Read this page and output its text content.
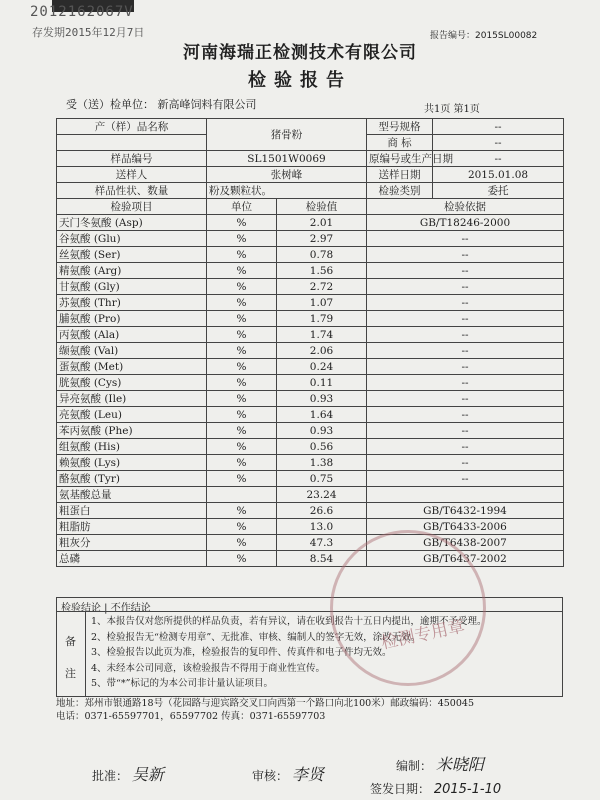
2012162067V
存发期2015年12月7日	报告编号：2015SL00082
河南海瑞正检测技术有限公司
检验报告
受（送）检单位： 新高峰饲料有限公司	共1页 第1页
产（样）品名称	猪骨粉		型号规格	--
			商 标	--
样品编号	SL1501W0069		原编号或生产日期	--
送样人	张树峰		送样日期	2015.01.08
样品性状、数量	粉及颗粒状。		检验类别	委托
检验项目	单位	检验值	检验依据	
天门冬氨酸 (Asp)	%	2.01	GB/T18246-2000	
谷氨酸 (Glu)	%	2.97	--	
丝氨酸 (Ser)	%	0.78	--	
精氨酸 (Arg)	%	1.56	--	
甘氨酸 (Gly)	%	2.72	--	
苏氨酸 (Thr)	%	1.07	--	
脯氨酸 (Pro)	%	1.79	--	
丙氨酸 (Ala)	%	1.74	--	
缬氨酸 (Val)	%	2.06	--	
蛋氨酸 (Met)	%	0.24	--	
胱氨酸 (Cys)	%	0.11	--	
异亮氨酸 (Ile)	%	0.93	--	
亮氨酸 (Leu)	%	1.64	--	
苯丙氨酸 (Phe)	%	0.93	--	
组氨酸 (His)	%	0.56	--	
赖氨酸 (Lys)	%	1.38	--	
酪氨酸 (Tyr)	%	0.75	--	
氨基酸总量		23.24		
粗蛋白	%	26.6	GB/T6432-1994	
粗脂肪	%	13.0	GB/T6433-2006	
粗灰分	%	47.3	GB/T6438-2007	
总磷	%	8.54	GB/T6437-2002	
检验结论 | 不作结论
备
注
1、本报告仅对您所提供的样品负责，若有异议，请在收到报告十五日内提出，逾期不予受理。
2、检验报告无“检测专用章”、无批准、审核、编制人的签字无效，涂改无效。
3、检验报告以此页为准，检验报告的复印件、传真件和电子件均无效。
4、未经本公司同意，该检验报告不得用于商业性宣传。
5、带“*”标记的为本公司非计量认证项目。
地址：郑州市银通路18号（花园路与迎宾路交叉口向西第一个路口向北100米）邮政编码：450045
电话：0371-65597701，65597702 传真：0371-65597703
检测专用章
批准： 吴新	审核： 李贤	编制： 米晓阳
签发日期： 2015-1-10
